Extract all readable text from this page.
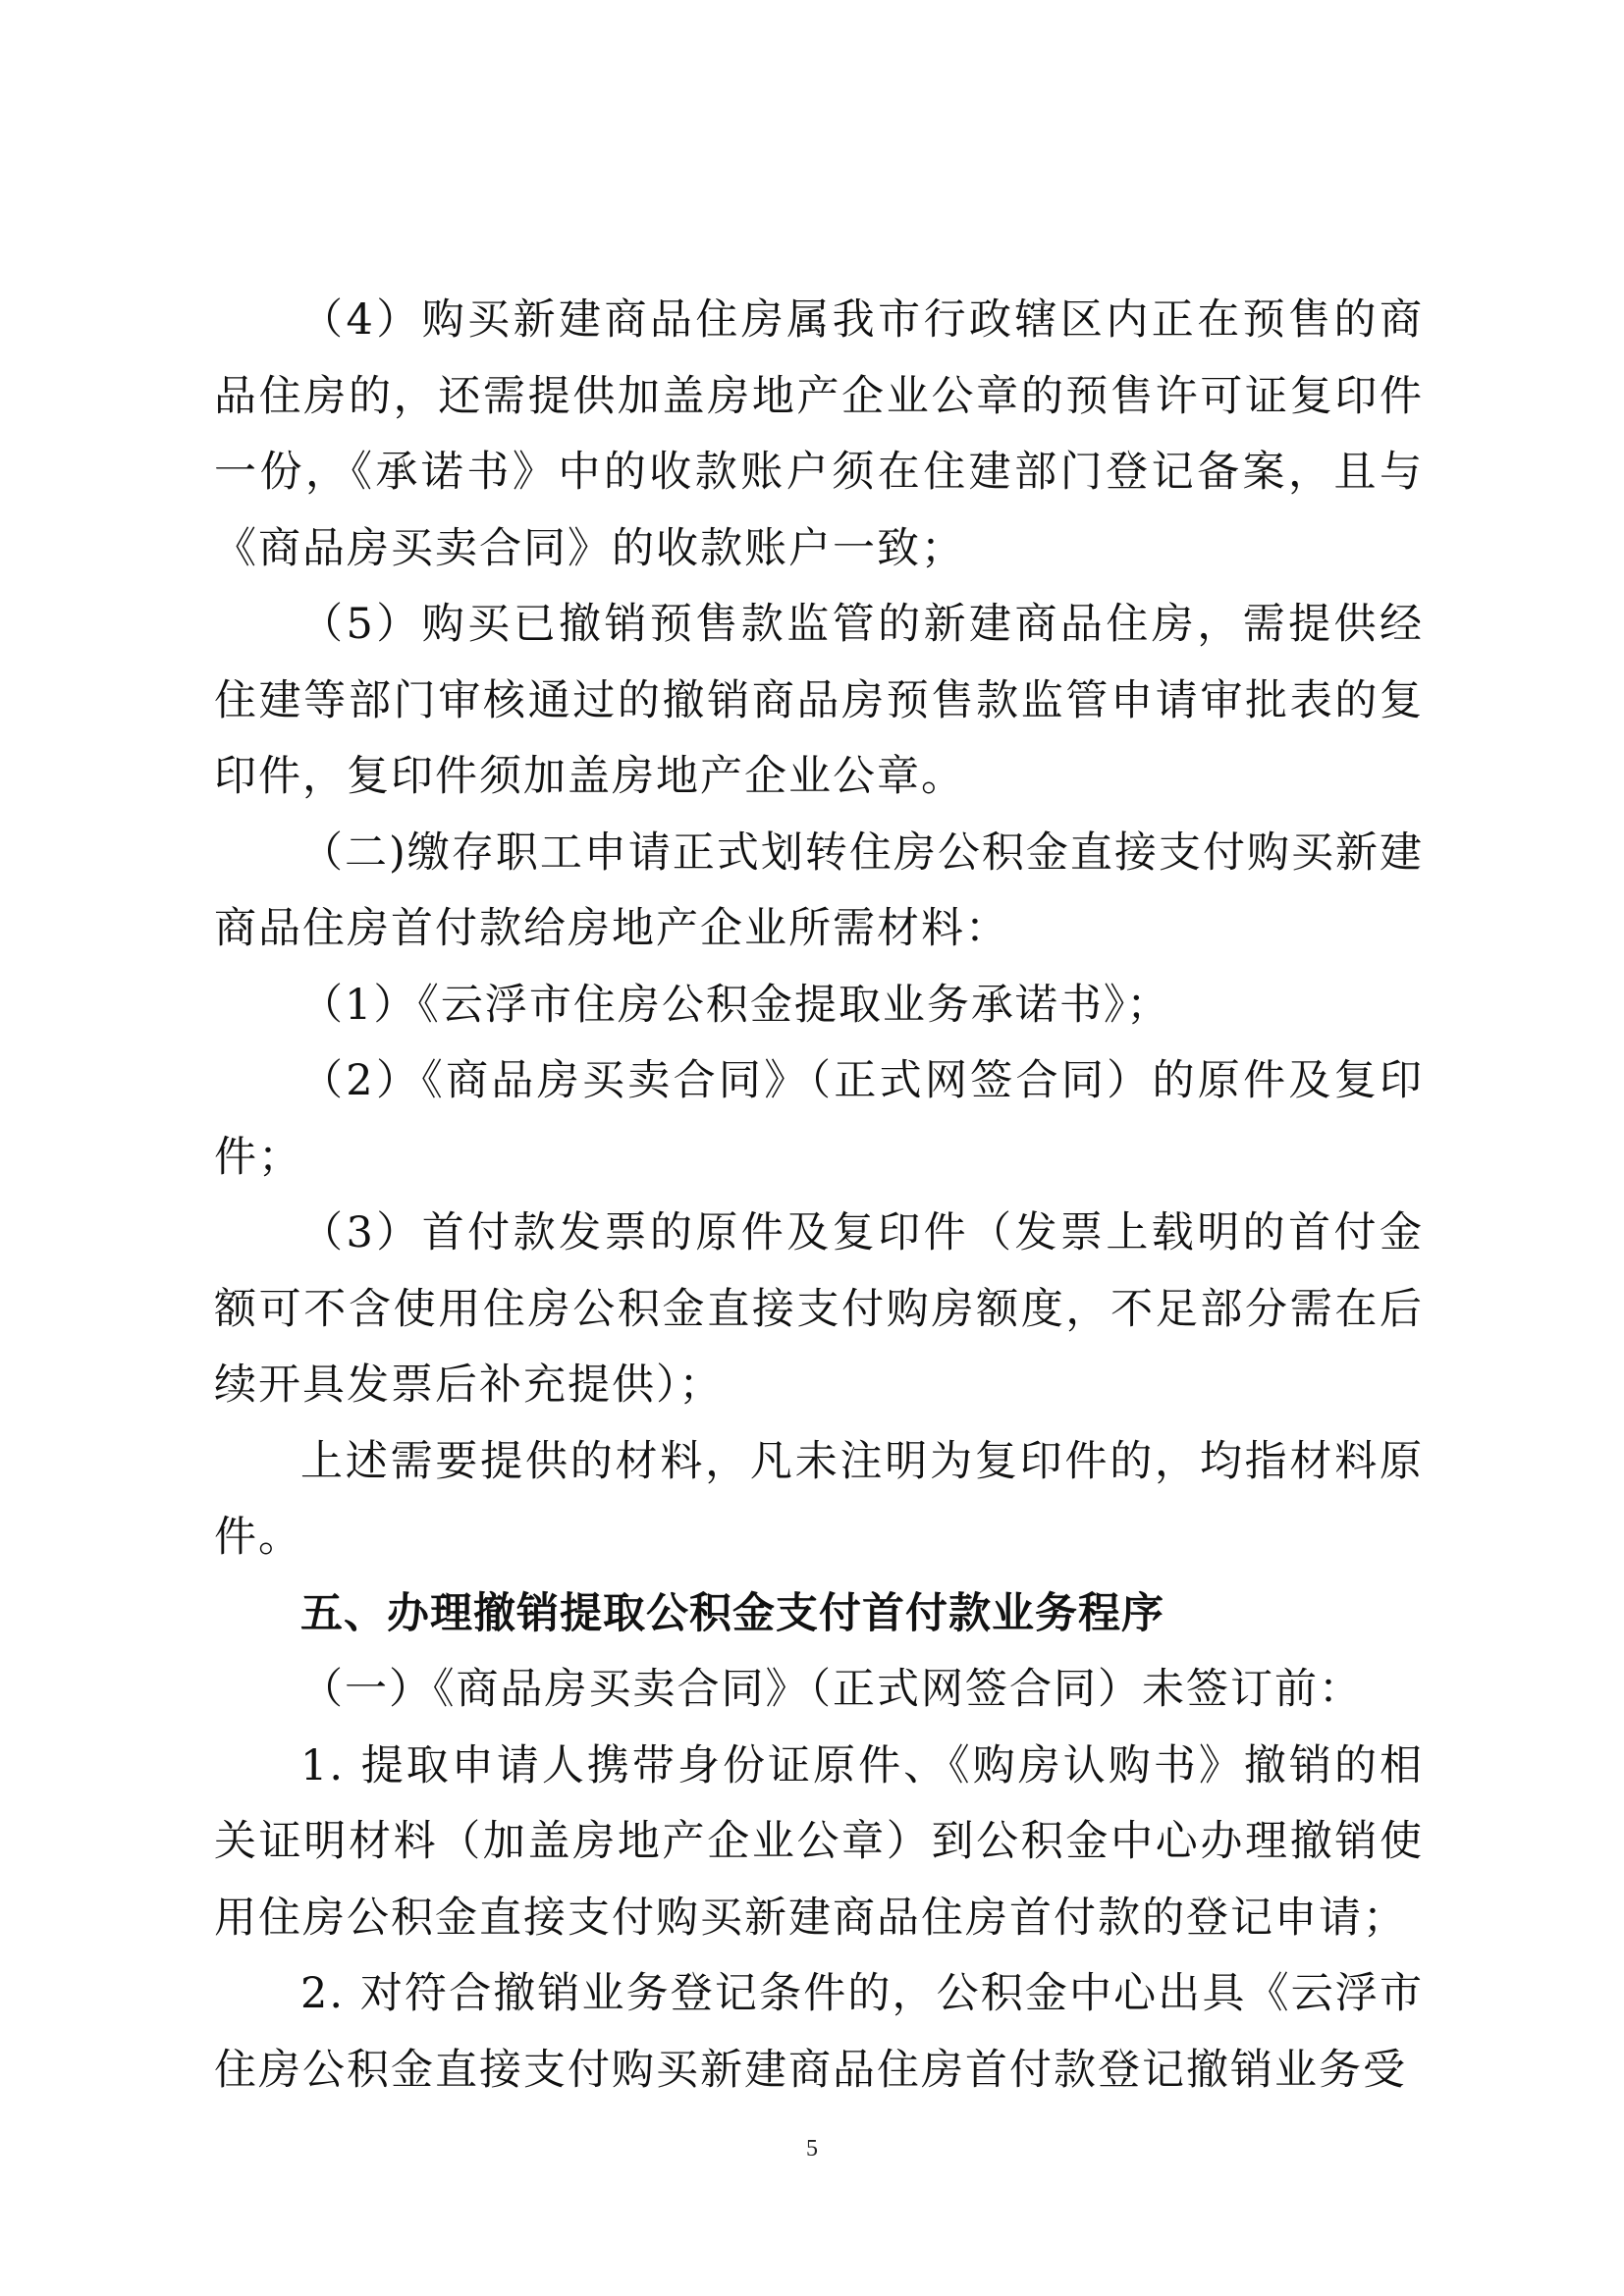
（4）购买新建商品住房属我市行政辖区内正在预售的商品住房的，还需提供加盖房地产企业公章的预售许可证复印件一份，《承诺书》中的收款账户须在住建部门登记备案，且与《商品房买卖合同》的收款账户一致；

（5）购买已撤销预售款监管的新建商品住房，需提供经住建等部门审核通过的撤销商品房预售款监管申请审批表的复印件，复印件须加盖房地产企业公章。

（二)缴存职工申请正式划转住房公积金直接支付购买新建商品住房首付款给房地产企业所需材料：

（1）《云浮市住房公积金提取业务承诺书》；

（2）《商品房买卖合同》（正式网签合同）的原件及复印件；

（3）首付款发票的原件及复印件（发票上载明的首付金额可不含使用住房公积金直接支付购房额度，不足部分需在后续开具发票后补充提供）；

上述需要提供的材料，凡未注明为复印件的，均指材料原件。

五、办理撤销提取公积金支付首付款业务程序

（一）《商品房买卖合同》（正式网签合同）未签订前：

1. 提取申请人携带身份证原件、《购房认购书》撤销的相关证明材料（加盖房地产企业公章）到公积金中心办理撤销使用住房公积金直接支付购买新建商品住房首付款的登记申请；

2. 对符合撤销业务登记条件的，公积金中心出具《云浮市住房公积金直接支付购买新建商品住房首付款登记撤销业务受

5
